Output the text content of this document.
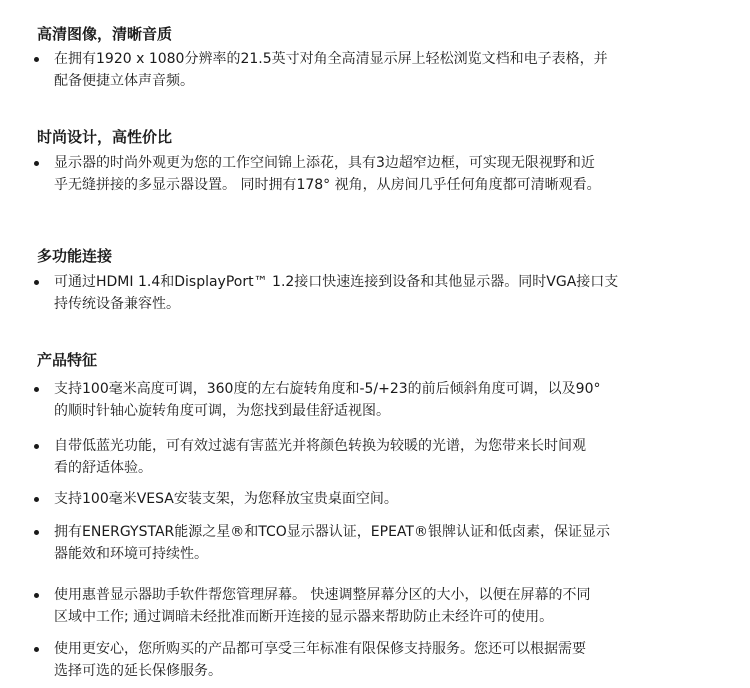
高清图像，清晰音质
在拥有1920 x 1080分辨率的21.5英寸对角全高清显示屏上轻松浏览文档和电子表格，并
配备便捷立体声音频。
时尚设计，高性价比
显示器的时尚外观更为您的工作空间锦上添花，具有3边超窄边框，可实现无限视野和近
乎无缝拼接的多显示器设置。 同时拥有178° 视角，从房间几乎任何角度都可清晰观看。
多功能连接
可通过HDMI 1.4和DisplayPort™ 1.2接口快速连接到设备和其他显示器。同时VGA接口支
持传统设备兼容性。
产品特征
支持100毫米高度可调，360度的左右旋转角度和-5/+23的前后倾斜角度可调，以及90°
的顺时针轴心旋转角度可调，为您找到最佳舒适视图。
自带低蓝光功能，可有效过滤有害蓝光并将颜色转换为较暖的光谱，为您带来长时间观
看的舒适体验。
支持100毫米VESA安装支架，为您释放宝贵桌面空间。
拥有ENERGYSTAR能源之星®和TCO显示器认证，EPEAT®银牌认证和低卤素，保证显示
器能效和环境可持续性。
使用惠普显示器助手软件帮您管理屏幕。 快速调整屏幕分区的大小，以便在屏幕的不同
区域中工作; 通过调暗未经批准而断开连接的显示器来帮助防止未经许可的使用。
使用更安心，您所购买的产品都可享受三年标准有限保修支持服务。您还可以根据需要
选择可选的延长保修服务。
